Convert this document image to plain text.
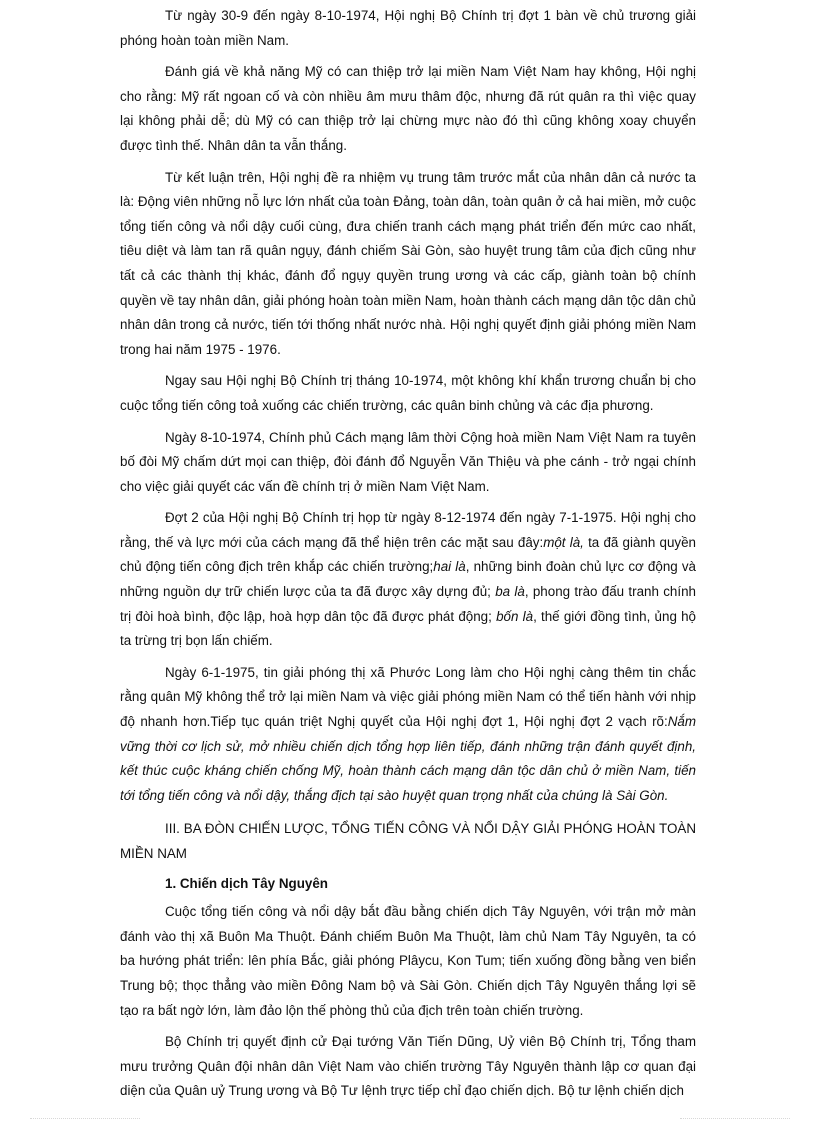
Từ ngày 30-9 đến ngày 8-10-1974, Hội nghị Bộ Chính trị đợt 1 bàn về chủ trương giải phóng hoàn toàn miền Nam.

Đánh giá về khả năng Mỹ có can thiệp trở lại miền Nam Việt Nam hay không, Hội nghị cho rằng: Mỹ rất ngoan cố và còn nhiều âm mưu thâm độc, nhưng đã rút quân ra thì việc quay lại không phải dễ; dù Mỹ có can thiệp trở lại chừng mực nào đó thì cũng không xoay chuyển được tình thế. Nhân dân ta vẫn thắng.

Từ kết luận trên, Hội nghị đề ra nhiệm vụ trung tâm trước mắt của nhân dân cả nước ta là: Động viên những nỗ lực lớn nhất của toàn Đảng, toàn dân, toàn quân ở cả hai miền, mở cuộc tổng tiến công và nổi dậy cuối cùng, đưa chiến tranh cách mạng phát triển đến mức cao nhất, tiêu diệt và làm tan rã quân ngụy, đánh chiếm Sài Gòn, sào huyệt trung tâm của địch cũng như tất cả các thành thị khác, đánh đổ ngụy quyền trung ương và các cấp, giành toàn bộ chính quyền về tay nhân dân, giải phóng hoàn toàn miền Nam, hoàn thành cách mạng dân tộc dân chủ nhân dân trong cả nước, tiến tới thống nhất nước nhà. Hội nghị quyết định giải phóng miền Nam trong hai năm 1975 - 1976.

Ngay sau Hội nghị Bộ Chính trị tháng 10-1974, một không khí khẩn trương chuẩn bị cho cuộc tổng tiến công toả xuống các chiến trường, các quân binh chủng và các địa phương.

Ngày 8-10-1974, Chính phủ Cách mạng lâm thời Cộng hoà miền Nam Việt Nam ra tuyên bố đòi Mỹ chấm dứt mọi can thiệp, đòi đánh đổ Nguyễn Văn Thiệu và phe cánh - trở ngại chính cho việc giải quyết các vấn đề chính trị ở miền Nam Việt Nam.

Đợt 2 của Hội nghị Bộ Chính trị họp từ ngày 8-12-1974 đến ngày 7-1-1975. Hội nghị cho rằng, thế và lực mới của cách mạng đã thể hiện trên các mặt sau đây:một là, ta đã giành quyền chủ động tiến công địch trên khắp các chiến trường;hai là, những binh đoàn chủ lực cơ động và những nguồn dự trữ chiến lược của ta đã được xây dựng đủ; ba là, phong trào đấu tranh chính trị đòi hoà bình, độc lập, hoà hợp dân tộc đã được phát động; bốn là, thế giới đồng tình, ủng hộ ta trừng trị bọn lấn chiếm.

Ngày 6-1-1975, tin giải phóng thị xã Phước Long làm cho Hội nghị càng thêm tin chắc rằng quân Mỹ không thể trở lại miền Nam và việc giải phóng miền Nam có thể tiến hành với nhịp độ nhanh hơn.Tiếp tục quán triệt Nghị quyết của Hội nghị đợt 1, Hội nghị đợt 2 vạch rõ:Nắm vững thời cơ lịch sử, mở nhiều chiến dịch tổng hợp liên tiếp, đánh những trận đánh quyết định, kết thúc cuộc kháng chiến chống Mỹ, hoàn thành cách mạng dân tộc dân chủ ở miền Nam, tiến tới tổng tiến công và nổi dậy, thắng địch tại sào huyệt quan trọng nhất của chúng là Sài Gòn.

III. BA ĐÒN CHIẾN LƯỢC, TỔNG TIẾN CÔNG VÀ NỔI DẬY GIẢI PHÓNG HOÀN TOÀN MIỀN NAM

1. Chiến dịch Tây Nguyên

Cuộc tổng tiến công và nổi dậy bắt đầu bằng chiến dịch Tây Nguyên, với trận mở màn đánh vào thị xã Buôn Ma Thuột. Đánh chiếm Buôn Ma Thuột, làm chủ Nam Tây Nguyên, ta có ba hướng phát triển: lên phía Bắc, giải phóng Plâycu, Kon Tum; tiến xuống đồng bằng ven biển Trung bộ; thọc thẳng vào miền Đông Nam bộ và Sài Gòn. Chiến dịch Tây Nguyên thắng lợi sẽ tạo ra bất ngờ lớn, làm đảo lộn thế phòng thủ của địch trên toàn chiến trường.

Bộ Chính trị quyết định cử Đại tướng Văn Tiến Dũng, Uỷ viên Bộ Chính trị, Tổng tham mưu trưởng Quân đội nhân dân Việt Nam vào chiến trường Tây Nguyên thành lập cơ quan đại diện của Quân uỷ Trung ương và Bộ Tư lệnh trực tiếp chỉ đạo chiến dịch. Bộ tư lệnh chiến dịch
